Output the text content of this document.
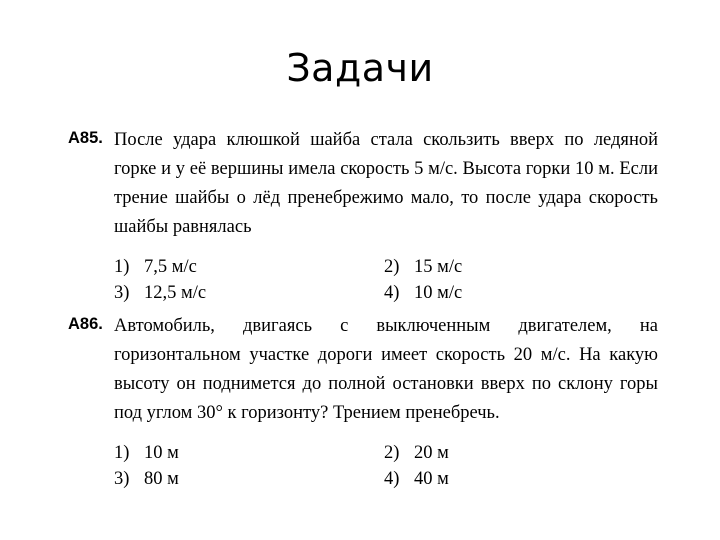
Задачи
А85. После удара клюшкой шайба стала скользить вверх по ледяной горке и у её вершины имела скорость 5 м/с. Высота горки 10 м. Если трение шайбы о лёд пренебрежимо мало, то после удара скорость шайбы равнялась
1) 7,5 м/с	2) 15 м/с
3) 12,5 м/с	4) 10 м/с
А86. Автомобиль, двигаясь с выключенным двигателем, на горизонтальном участке дороги имеет скорость 20 м/с. На какую высоту он поднимется до полной остановки вверх по склону горы под углом 30° к горизонту? Трением пренебречь.
1) 10 м	2) 20 м
3) 80 м	4) 40 м
